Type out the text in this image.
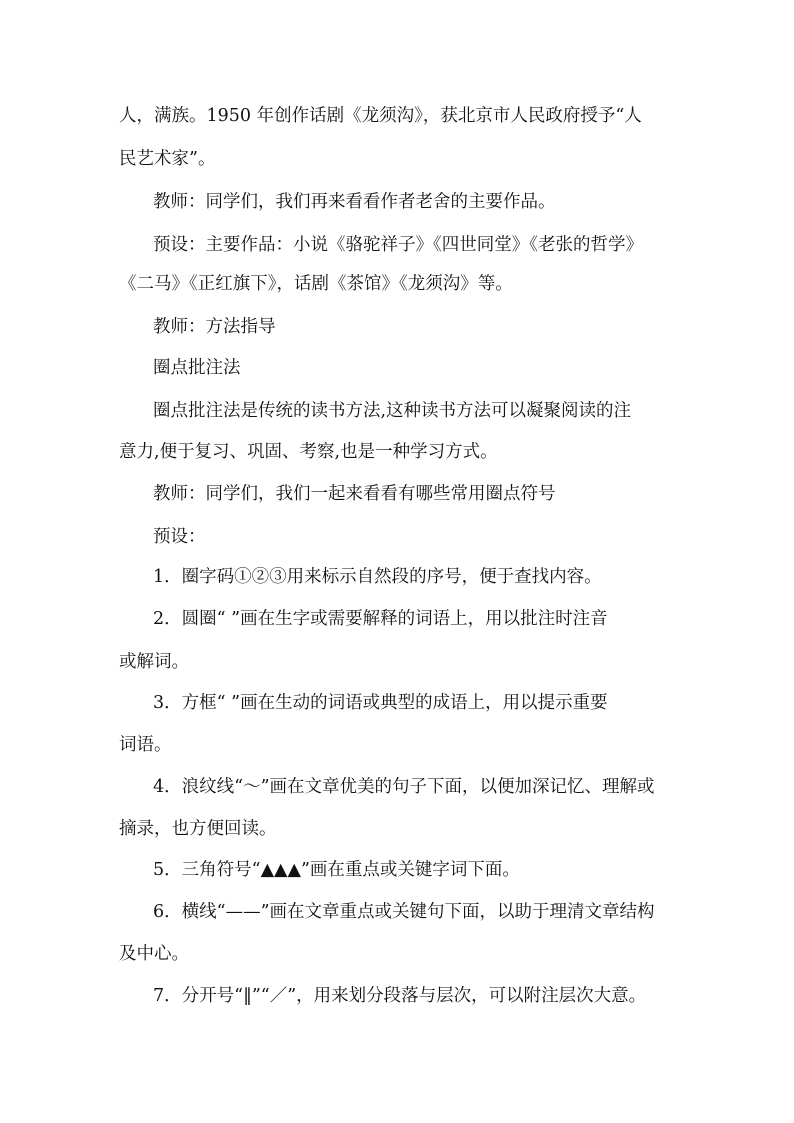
人，满族。1950 年创作话剧《龙须沟》，获北京市人民政府授予“人
民艺术家”。
教师：同学们，我们再来看看作者老舍的主要作品。
预设：主要作品：小说《骆驼祥子》《四世同堂》《老张的哲学》
《二马》《正红旗下》，话剧《茶馆》《龙须沟》等。
教师：方法指导
圈点批注法
圈点批注法是传统的读书方法,这种读书方法可以凝聚阅读的注
意力,便于复习、巩固、考察,也是一种学习方式。
教师：同学们，我们一起来看看有哪些常用圈点符号
预设：
1．圈字码①②③用来标示自然段的序号，便于查找内容。
2．圆圈“ ”画在生字或需要解释的词语上，用以批注时注音
或解词。
3．方框“ ”画在生动的词语或典型的成语上，用以提示重要
词语。
4．浪纹线“～”画在文章优美的句子下面，以便加深记忆、理解或
摘录，也方便回读。
5．三角符号“▲▲▲”画在重点或关键字词下面。
6．横线“——”画在文章重点或关键句下面，以助于理清文章结构
及中心。
7．分开号“‖”“／”，用来划分段落与层次，可以附注层次大意。
